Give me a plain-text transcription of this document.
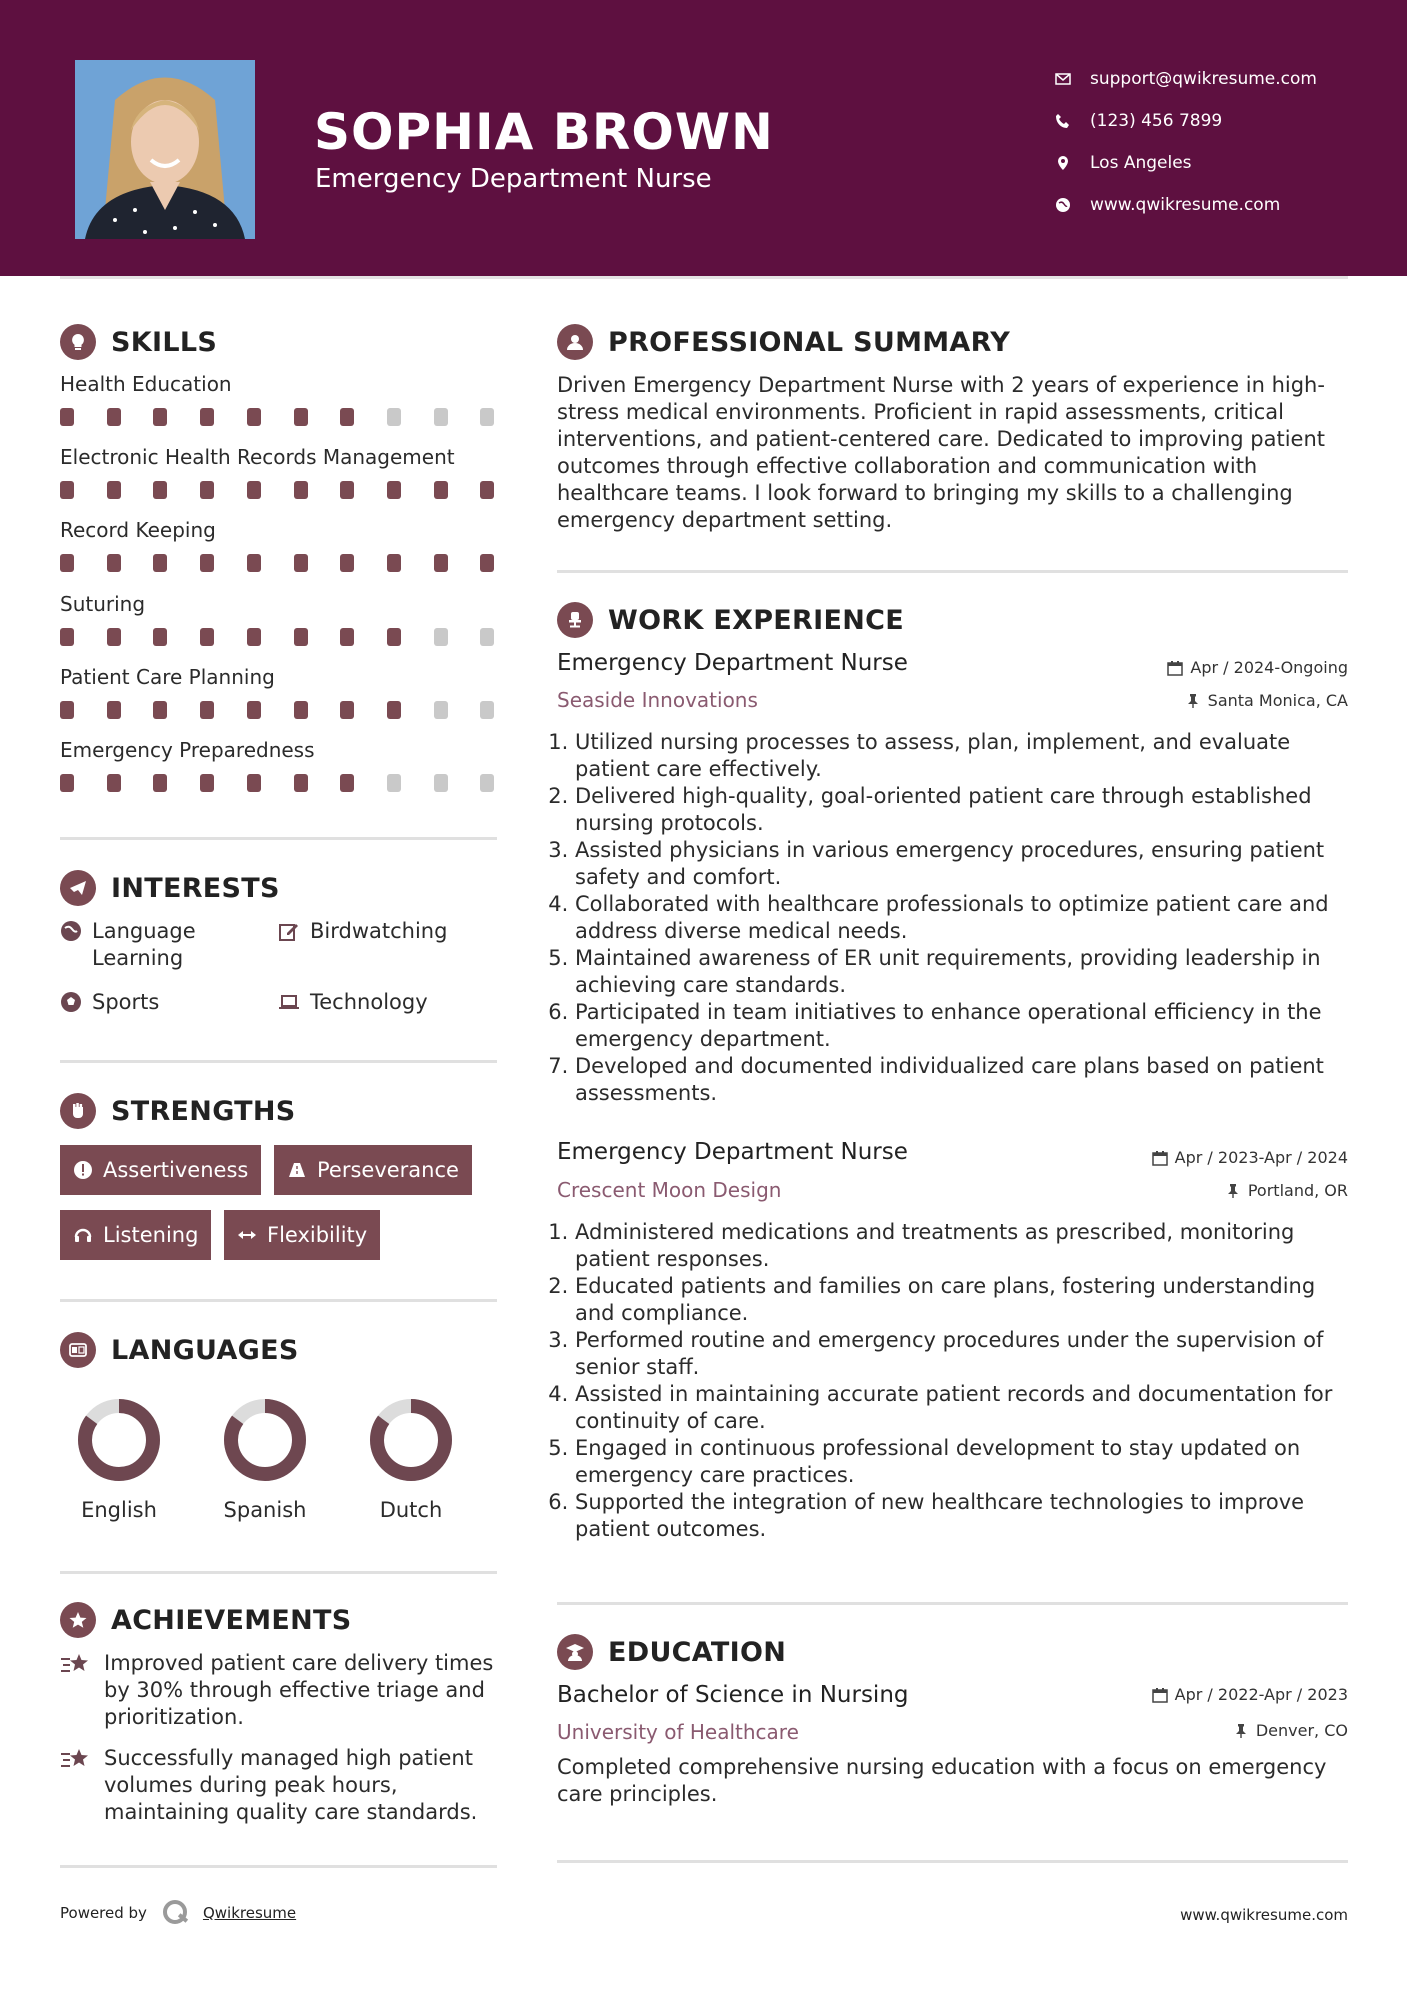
SOPHIA BROWN
Emergency Department Nurse
support@qwikresume.com
(123) 456 7899
Los Angeles
www.qwikresume.com
SKILLS
Health Education
Electronic Health Records Management
Record Keeping
Suturing
Patient Care Planning
Emergency Preparedness
INTERESTS
Language Learning
Birdwatching
Sports	Technology
STRENGTHS
Assertiveness	Perseverance
Listening	Flexibility
LANGUAGES
English	Spanish	Dutch
ACHIEVEMENTS
Improved patient care delivery times by 30% through effective triage and prioritization.
Successfully managed high patient volumes during peak hours, maintaining quality care standards.
PROFESSIONAL SUMMARY
Driven Emergency Department Nurse with 2 years of experience in high-stress medical environments. Proficient in rapid assessments, critical interventions, and patient-centered care. Dedicated to improving patient outcomes through effective collaboration and communication with healthcare teams. I look forward to bringing my skills to a challenging emergency department setting.
WORK EXPERIENCE
Emergency Department Nurse	Apr / 2024-Ongoing
Seaside Innovations	Santa Monica, CA
1. Utilized nursing processes to assess, plan, implement, and evaluate patient care effectively.
2. Delivered high-quality, goal-oriented patient care through established nursing protocols.
3. Assisted physicians in various emergency procedures, ensuring patient safety and comfort.
4. Collaborated with healthcare professionals to optimize patient care and address diverse medical needs.
5. Maintained awareness of ER unit requirements, providing leadership in achieving care standards.
6. Participated in team initiatives to enhance operational efficiency in the emergency department.
7. Developed and documented individualized care plans based on patient assessments.
Emergency Department Nurse	Apr / 2023-Apr / 2024
Crescent Moon Design	Portland, OR
1. Administered medications and treatments as prescribed, monitoring patient responses.
2. Educated patients and families on care plans, fostering understanding and compliance.
3. Performed routine and emergency procedures under the supervision of senior staff.
4. Assisted in maintaining accurate patient records and documentation for continuity of care.
5. Engaged in continuous professional development to stay updated on emergency care practices.
6. Supported the integration of new healthcare technologies to improve patient outcomes.
EDUCATION
Bachelor of Science in Nursing	Apr / 2022-Apr / 2023
University of Healthcare	Denver, CO
Completed comprehensive nursing education with a focus on emergency care principles.
Powered by	Qwikresume	www.qwikresume.com
